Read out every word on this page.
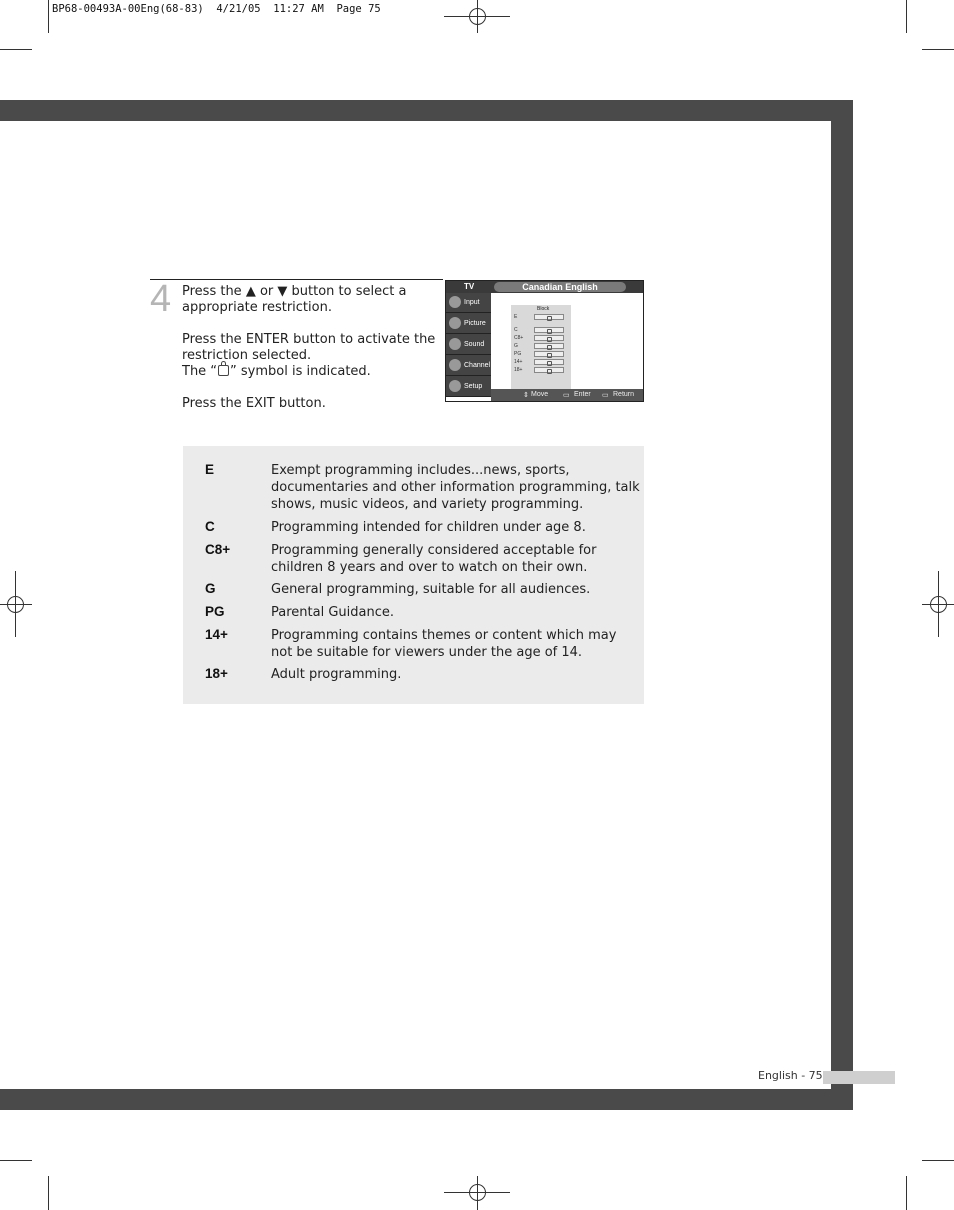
BP68-00493A-00Eng(68-83)  4/21/05  11:27 AM  Page 75
4 Press the ▲ or ▼ button to select a appropriate restriction.

Press the ENTER button to activate the restriction selected.

The “ ” symbol is indicated.

Press the EXIT button.

TV	Canadian English
Input
Picture
Sound
Channel
Setup
Block
E
C
C8+
G
PG
14+
18+
⇕ Move ▭ Enter ▭ Return
E	Exempt programming includes...news, sports, documentaries and other information programming, talk shows, music videos, and variety programming.
C	Programming intended for children under age 8.
C8+	Programming generally considered acceptable for children 8 years and over to watch on their own.
G	General programming, suitable for all audiences.
PG	Parental Guidance.
14+	Programming contains themes or content which may not be suitable for viewers under the age of 14.
18+	Adult programming.
English - 75
